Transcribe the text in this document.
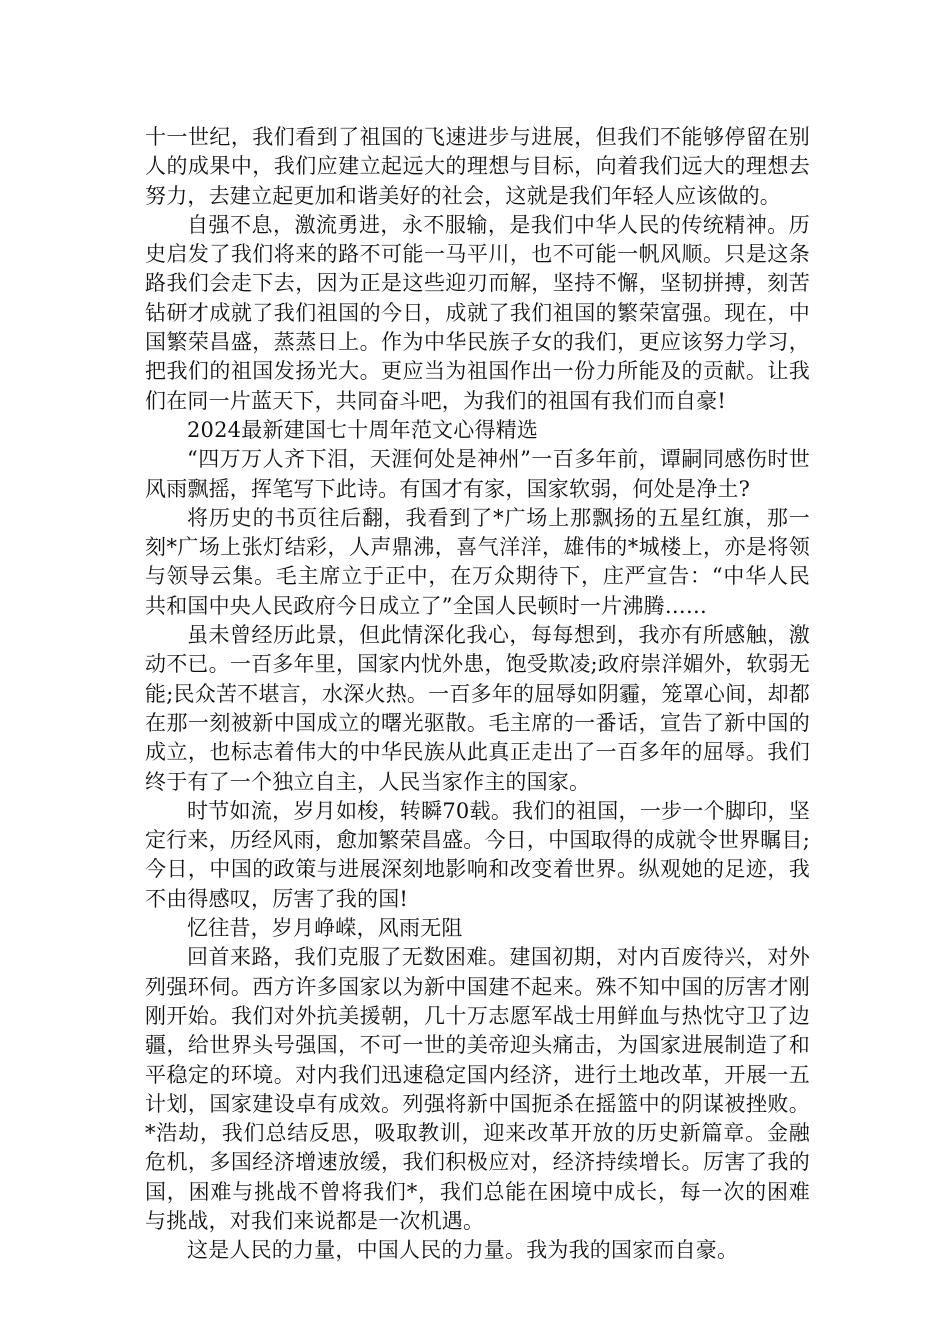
十一世纪，我们看到了祖国的飞速进步与进展，但我们不能够停留在别人的成果中，我们应建立起远大的理想与目标，向着我们远大的理想去努力，去建立起更加和谐美好的社会，这就是我们年轻人应该做的。

自强不息，激流勇进，永不服输，是我们中华人民的传统精神。历史启发了我们将来的路不可能一马平川，也不可能一帆风顺。只是这条路我们会走下去，因为正是这些迎刃而解，坚持不懈，坚韧拼搏，刻苦钻研才成就了我们祖国的今日，成就了我们祖国的繁荣富强。现在，中国繁荣昌盛，蒸蒸日上。作为中华民族子女的我们，更应该努力学习，把我们的祖国发扬光大。更应当为祖国作出一份力所能及的贡献。让我们在同一片蓝天下，共同奋斗吧，为我们的祖国有我们而自豪!

2024最新建国七十周年范文心得精选

“四万万人齐下泪，天涯何处是神州”一百多年前，谭嗣同感伤时世风雨飘摇，挥笔写下此诗。有国才有家，国家软弱，何处是净土?

将历史的书页往后翻，我看到了*广场上那飘扬的五星红旗，那一刻*广场上张灯结彩，人声鼎沸，喜气洋洋，雄伟的*城楼上，亦是将领与领导云集。毛主席立于正中，在万众期待下，庄严宣告：“中华人民共和国中央人民政府今日成立了”全国人民顿时一片沸腾……

虽未曾经历此景，但此情深化我心，每每想到，我亦有所感触，激动不已。一百多年里，国家内忧外患，饱受欺凌;政府崇洋媚外，软弱无能;民众苦不堪言，水深火热。一百多年的屈辱如阴霾，笼罩心间，却都在那一刻被新中国成立的曙光驱散。毛主席的一番话，宣告了新中国的成立，也标志着伟大的中华民族从此真正走出了一百多年的屈辱。我们终于有了一个独立自主，人民当家作主的国家。

时节如流，岁月如梭，转瞬70载。我们的祖国，一步一个脚印，坚定行来，历经风雨，愈加繁荣昌盛。今日，中国取得的成就令世界瞩目;今日，中国的政策与进展深刻地影响和改变着世界。纵观她的足迹，我不由得感叹，厉害了我的国!

忆往昔，岁月峥嵘，风雨无阻

回首来路，我们克服了无数困难。建国初期，对内百废待兴，对外列强环伺。西方许多国家以为新中国建不起来。殊不知中国的厉害才刚刚开始。我们对外抗美援朝，几十万志愿军战士用鲜血与热忱守卫了边疆，给世界头号强国，不可一世的美帝迎头痛击，为国家进展制造了和平稳定的环境。对内我们迅速稳定国内经济，进行土地改革，开展一五计划，国家建设卓有成效。列强将新中国扼杀在摇篮中的阴谋被挫败。*浩劫，我们总结反思，吸取教训，迎来改革开放的历史新篇章。金融危机，多国经济增速放缓，我们积极应对，经济持续增长。厉害了我的国，困难与挑战不曾将我们*，我们总能在困境中成长，每一次的困难与挑战，对我们来说都是一次机遇。

这是人民的力量，中国人民的力量。我为我的国家而自豪。
